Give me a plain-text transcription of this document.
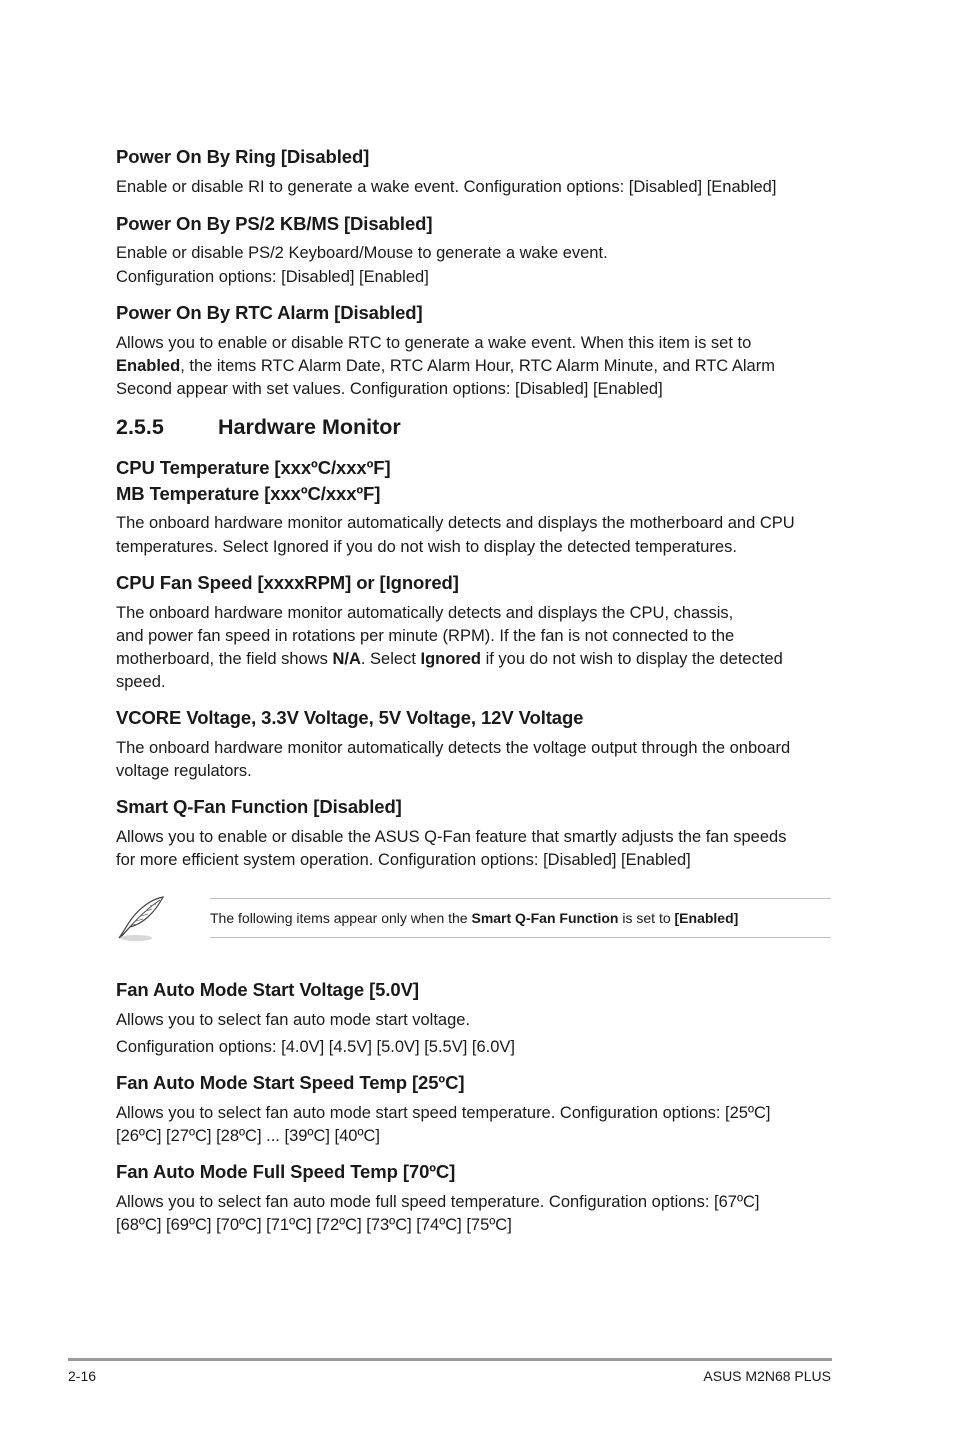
Power On By Ring [Disabled]

Enable or disable RI to generate a wake event. Configuration options: [Disabled] [Enabled]

Power On By PS/2 KB/MS [Disabled]

Enable or disable PS/2 Keyboard/Mouse to generate a wake event.

Configuration options: [Disabled] [Enabled]

Power On By RTC Alarm [Disabled]

Allows you to enable or disable RTC to generate a wake event. When this item is set to

Enabled, the items RTC Alarm Date, RTC Alarm Hour, RTC Alarm Minute, and RTC Alarm

Second appear with set values. Configuration options: [Disabled] [Enabled]

2.5.5	Hardware Monitor
CPU Temperature [xxxºC/xxxºF]
MB Temperature [xxxºC/xxxºF]

The onboard hardware monitor automatically detects and displays the motherboard and CPU

temperatures. Select Ignored if you do not wish to display the detected temperatures.

CPU Fan Speed [xxxxRPM] or [Ignored]

The onboard hardware monitor automatically detects and displays the CPU, chassis,

and power fan speed in rotations per minute (RPM). If the fan is not connected to the

motherboard, the field shows N/A. Select Ignored if you do not wish to display the detected

speed.

VCORE Voltage, 3.3V Voltage, 5V Voltage, 12V Voltage

The onboard hardware monitor automatically detects the voltage output through the onboard

voltage regulators.

Smart Q-Fan Function [Disabled]

Allows you to enable or disable the ASUS Q-Fan feature that smartly adjusts the fan speeds

for more efficient system operation. Configuration options: [Disabled] [Enabled]

The following items appear only when the Smart Q-Fan Function is set to [Enabled]
Fan Auto Mode Start Voltage [5.0V]

Allows you to select fan auto mode start voltage.

Configuration options: [4.0V] [4.5V] [5.0V] [5.5V] [6.0V]

Fan Auto Mode Start Speed Temp [25ºC]

Allows you to select fan auto mode start speed temperature. Configuration options: [25ºC]

[26ºC] [27ºC] [28ºC] ... [39ºC] [40ºC]

Fan Auto Mode Full Speed Temp [70ºC]

Allows you to select fan auto mode full speed temperature. Configuration options: [67ºC]

[68ºC] [69ºC] [70ºC] [71ºC] [72ºC] [73ºC] [74ºC] [75ºC]

2-16	ASUS M2N68 PLUS
